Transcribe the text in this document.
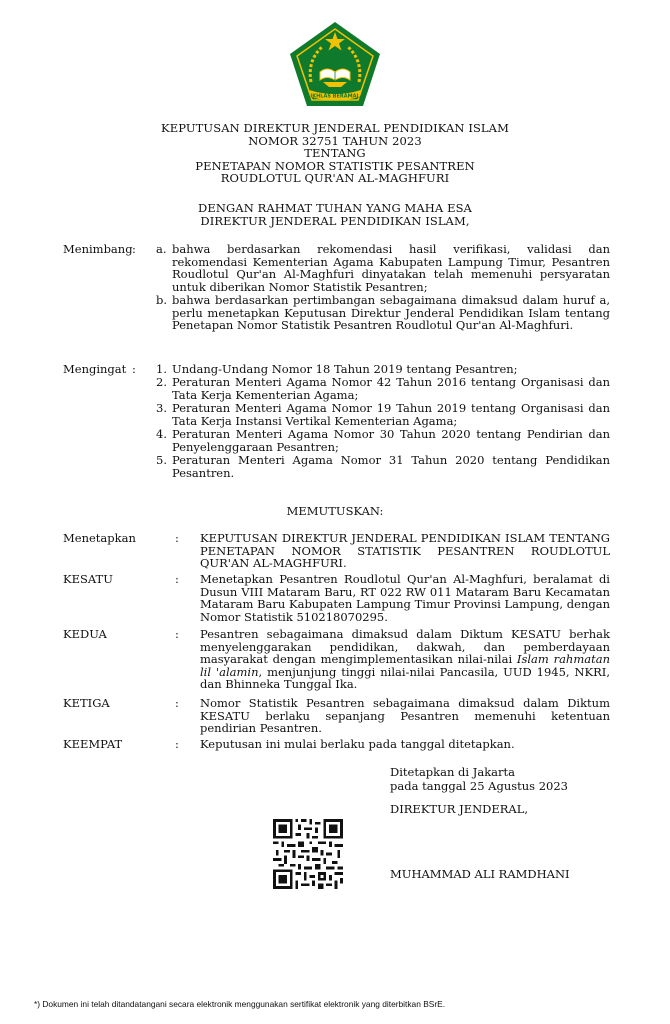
IKHLAS BERAMAL
KEPUTUSAN DIREKTUR JENDERAL PENDIDIKAN ISLAM
NOMOR 32751 TAHUN 2023
TENTANG
PENETAPAN NOMOR STATISTIK PESANTREN
ROUDLOTUL QUR'AN AL-MAGHFURI
DENGAN RAHMAT TUHAN YANG MAHA ESA
DIREKTUR JENDERAL PENDIDIKAN ISLAM,
Menimbang : a. bahwa berdasarkan rekomendasi hasil verifikasi, validasi dan rekomendasi Kementerian Agama Kabupaten Lampung Timur, Pesantren Roudlotul Qur'an Al-Maghfuri dinyatakan telah memenuhi persyaratan untuk diberikan Nomor Statistik Pesantren;
b. bahwa berdasarkan pertimbangan sebagaimana dimaksud dalam huruf a, perlu menetapkan Keputusan Direktur Jenderal Pendidikan Islam tentang Penetapan Nomor Statistik Pesantren Roudlotul Qur'an Al-Maghfuri.
Mengingat : 1. Undang-Undang Nomor 18 Tahun 2019 tentang Pesantren;
2. Peraturan Menteri Agama Nomor 42 Tahun 2016 tentang Organisasi dan Tata Kerja Kementerian Agama;
3. Peraturan Menteri Agama Nomor 19 Tahun 2019 tentang Organisasi dan Tata Kerja Instansi Vertikal Kementerian Agama;
4. Peraturan Menteri Agama Nomor 30 Tahun 2020 tentang Pendirian dan Penyelenggaraan Pesantren;
5. Peraturan Menteri Agama Nomor 31 Tahun 2020 tentang Pendidikan Pesantren.
MEMUTUSKAN:
Menetapkan	: KEPUTUSAN DIREKTUR JENDERAL PENDIDIKAN ISLAM TENTANG PENETAPAN NOMOR STATISTIK PESANTREN ROUDLOTUL QUR'AN AL-MAGHFURI.
KESATU	: Menetapkan Pesantren Roudlotul Qur'an Al-Maghfuri, beralamat di Dusun VIII Mataram Baru, RT 022 RW 011 Mataram Baru Kecamatan Mataram Baru Kabupaten Lampung Timur Provinsi Lampung, dengan Nomor Statistik 510218070295.
KEDUA	: Pesantren sebagaimana dimaksud dalam Diktum KESATU berhak menyelenggarakan pendidikan, dakwah, dan pemberdayaan masyarakat dengan mengimplementasikan nilai-nilai Islam rahmatan lil 'alamin, menjunjung tinggi nilai-nilai Pancasila, UUD 1945, NKRI, dan Bhinneka Tunggal Ika.
KETIGA	: Nomor Statistik Pesantren sebagaimana dimaksud dalam Diktum KESATU berlaku sepanjang Pesantren memenuhi ketentuan pendirian Pesantren.
KEEMPAT	: Keputusan ini mulai berlaku pada tanggal ditetapkan.
Ditetapkan di Jakarta
pada tanggal 25 Agustus 2023
DIREKTUR JENDERAL,
MUHAMMAD ALI RAMDHANI
*) Dokumen ini telah ditandatangani secara elektronik menggunakan sertifikat elektronik yang diterbitkan BSrE.
